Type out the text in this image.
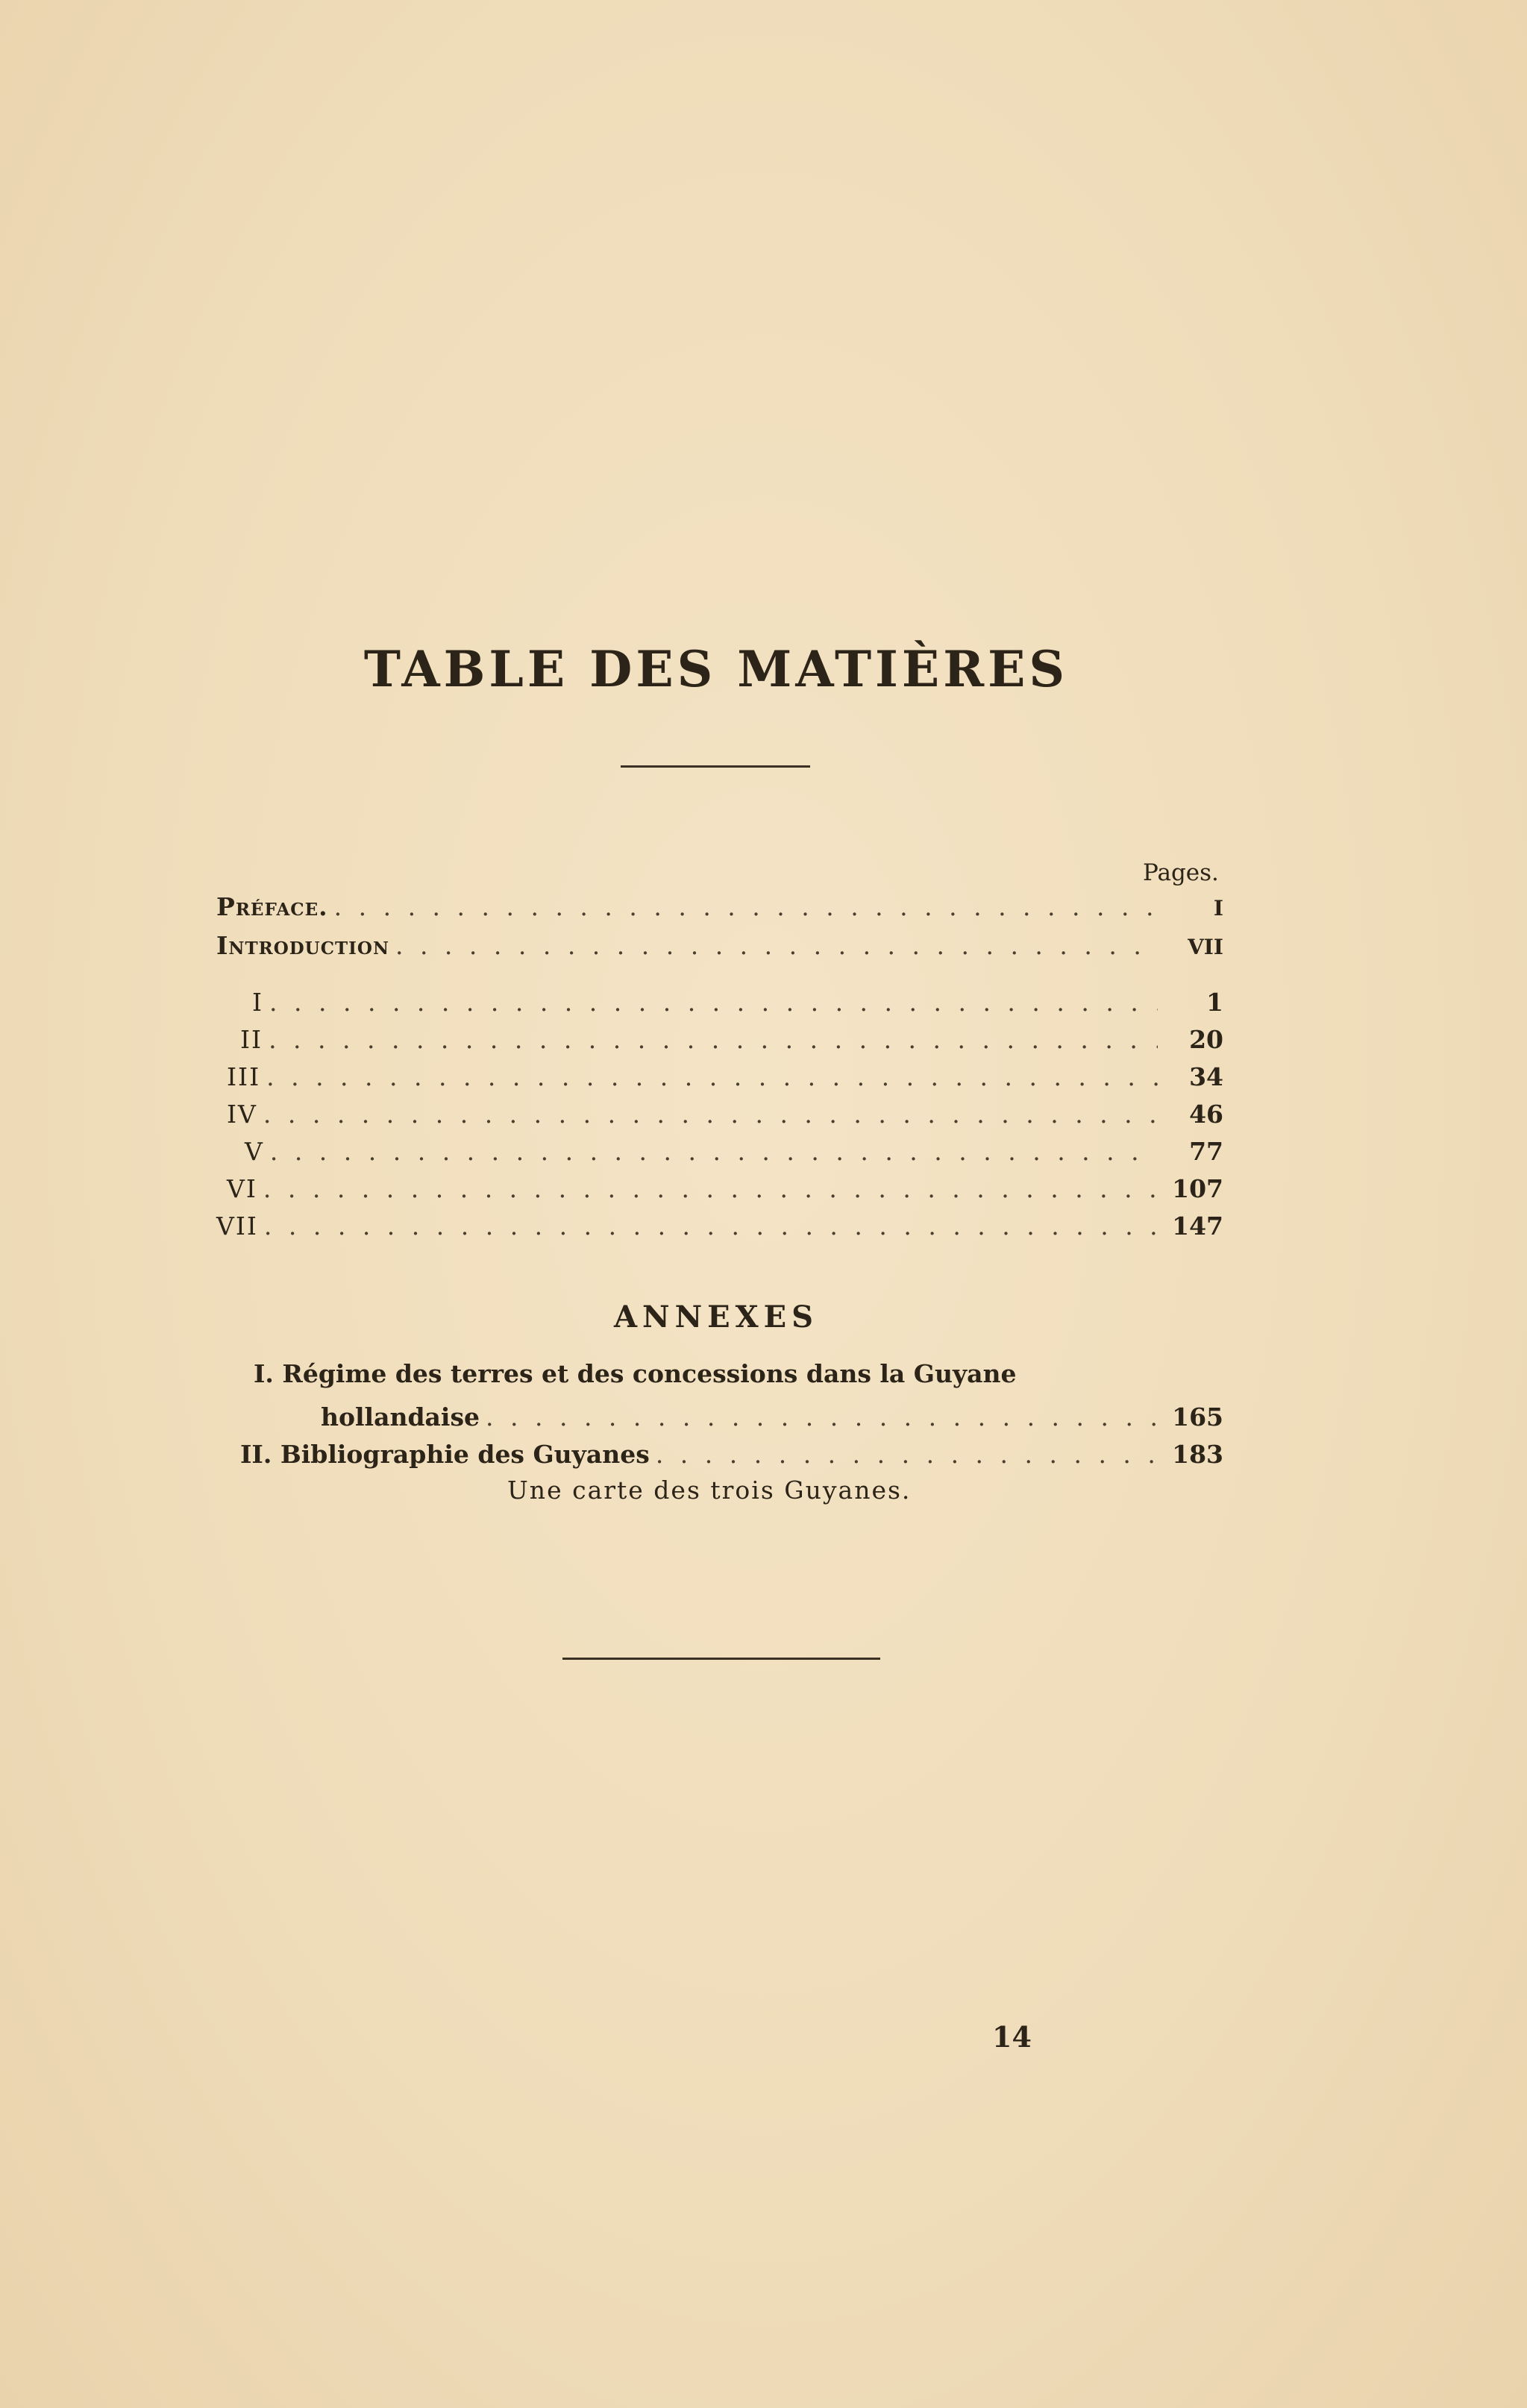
TABLE DES MATIÈRES

Pages.

Préface. . . .	I
Introduction . . .	VII
I . . .	1
II . . .	20
III . . .	34
IV . . .	46
V . . .	77
VI . . .	107
VII . . .	147
ANNEXES
I. Régime des terres et des concessions dans la Guyane
hollandaise . . .	165
II. Bibliographie des Guyanes . . .	183
Une carte des trois Guyanes.
14
